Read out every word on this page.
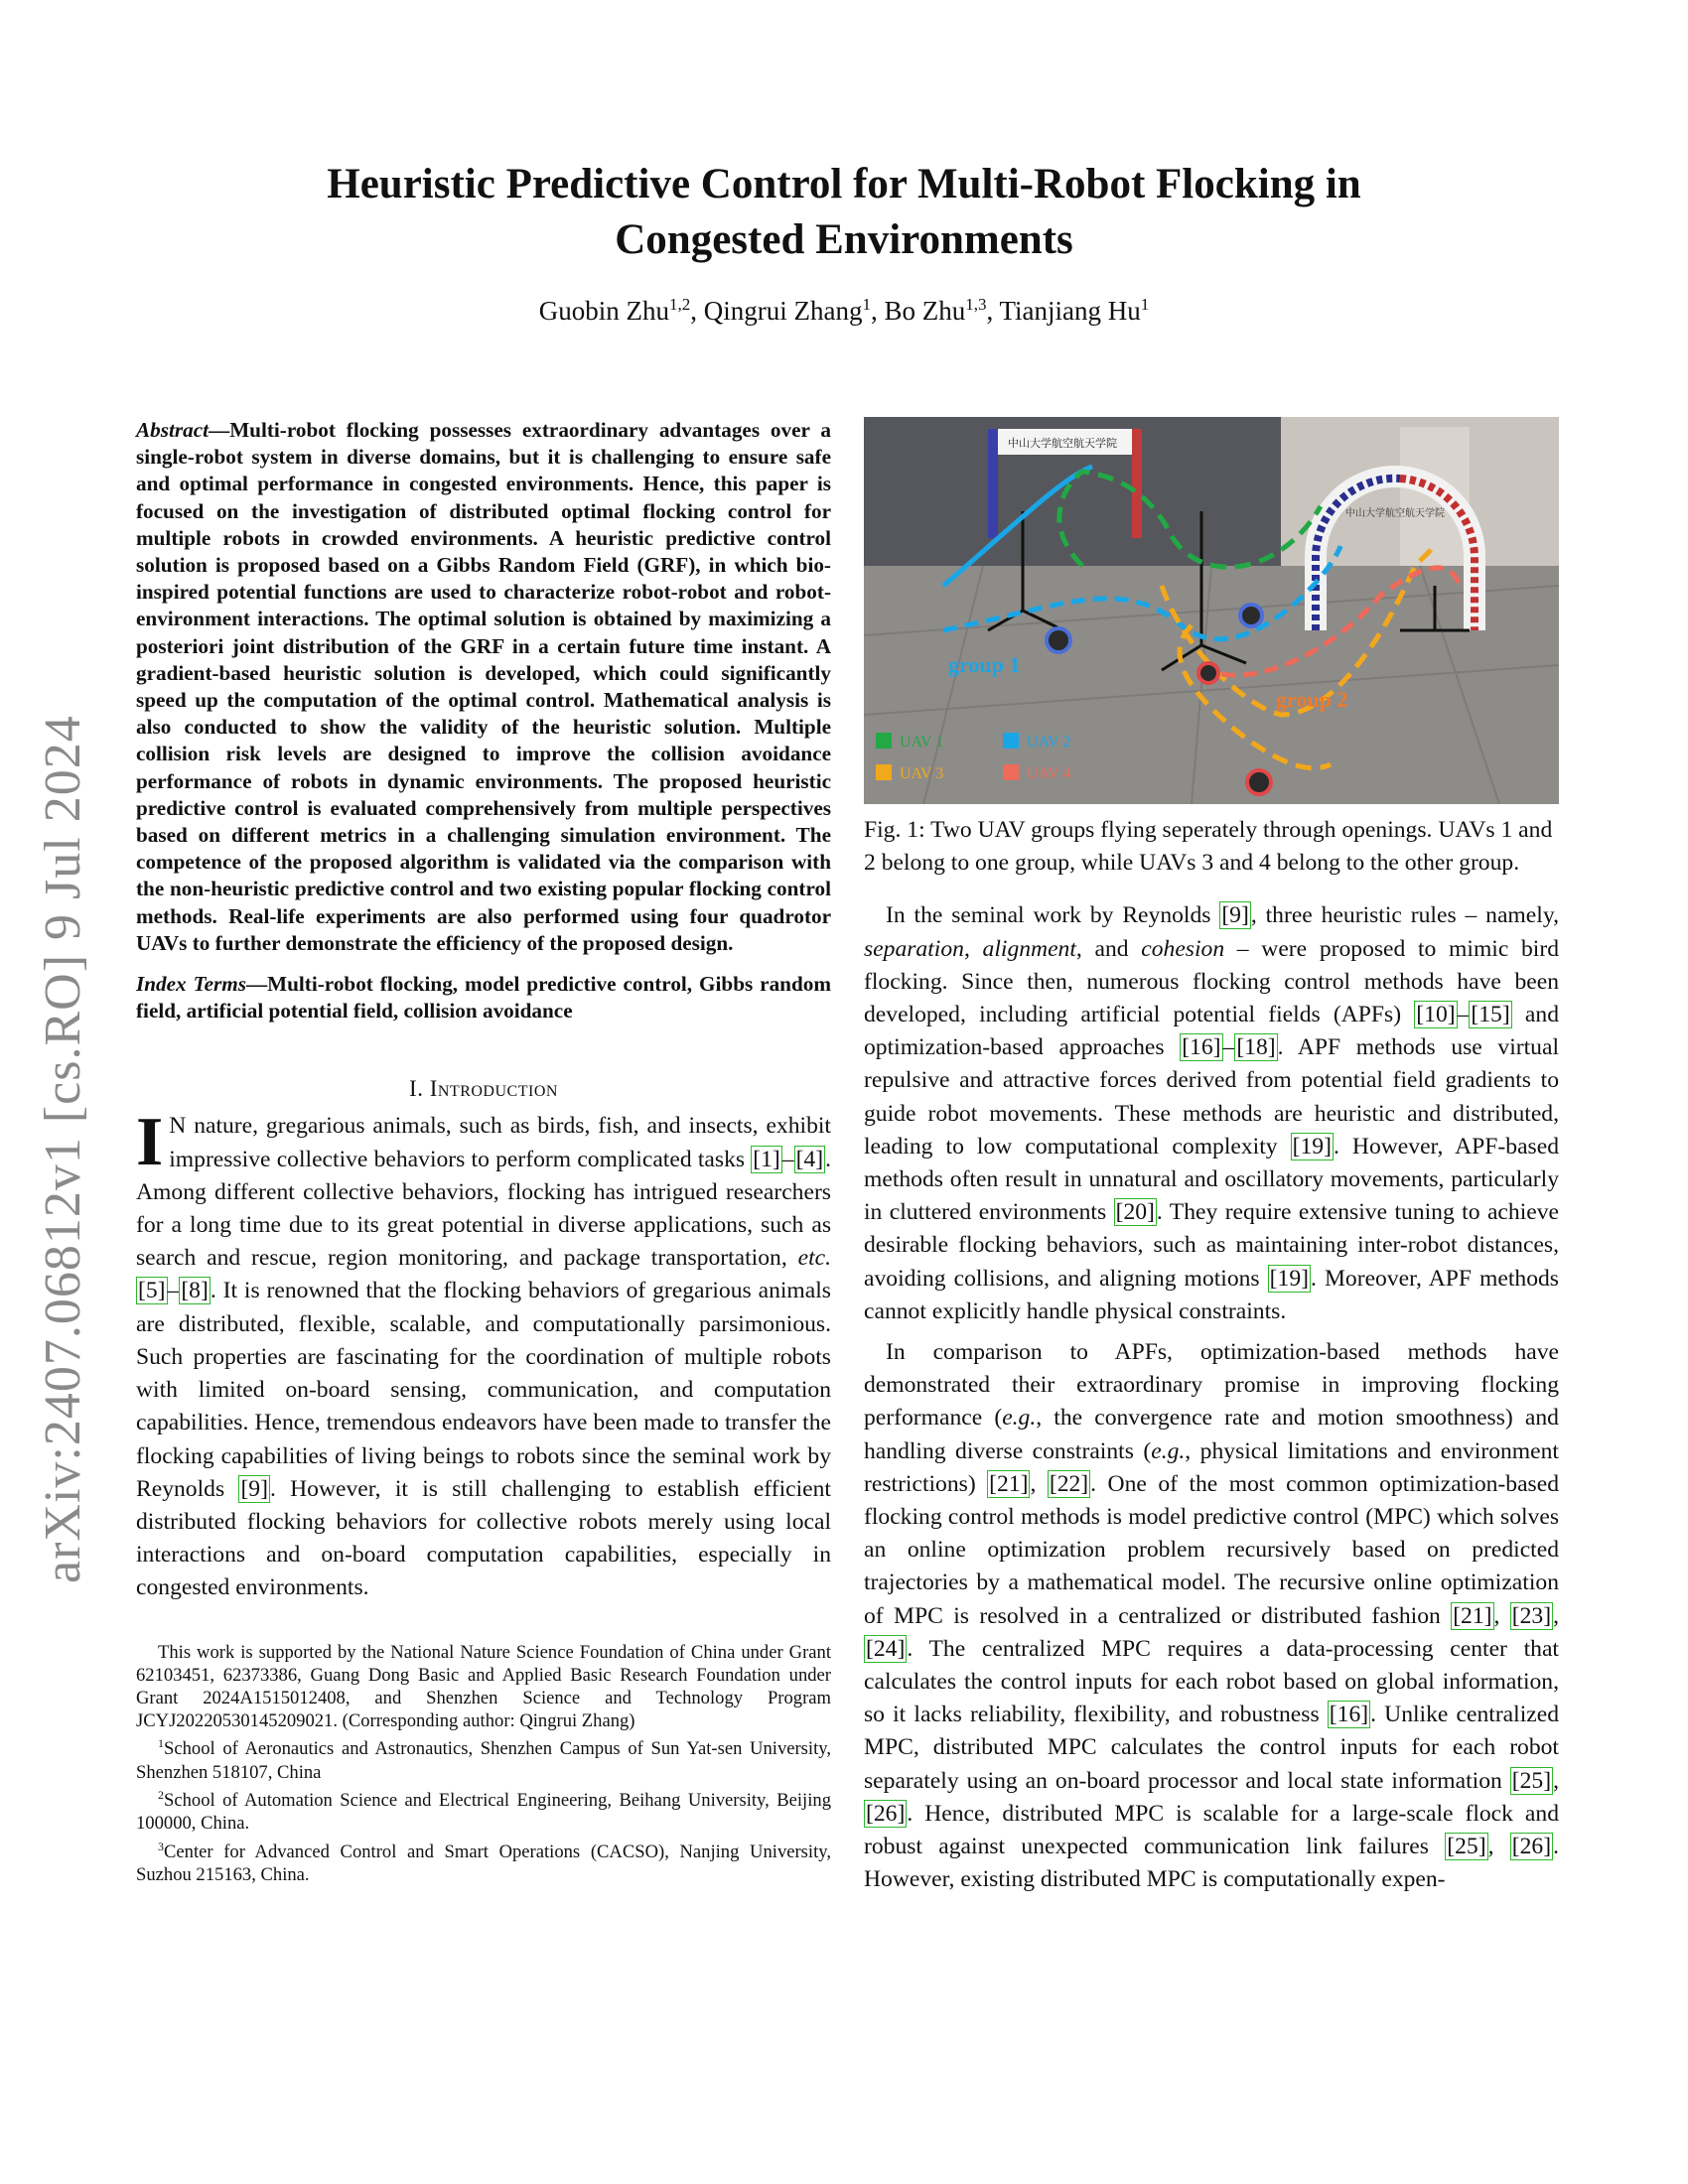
arXiv:2407.06812v1 [cs.RO] 9 Jul 2024
Heuristic Predictive Control for Multi-Robot Flocking in
Congested Environments
Guobin Zhu$^{1,2}$, Qingrui Zhang$^1$, Bo Zhu$^{1,3}$, Tianjiang Hu$^1$

Abstract—Multi-robot flocking possesses extraordinary advantages over a single-robot system in diverse domains, but it is challenging to ensure safe and optimal performance in congested environments. Hence, this paper is focused on the investigation of distributed optimal flocking control for multiple robots in crowded environments. A heuristic predictive control solution is proposed based on a Gibbs Random Field (GRF), in which bio-inspired potential functions are used to characterize robot-robot and robot-environment interactions. The optimal solution is obtained by maximizing a posteriori joint distribution of the GRF in a certain future time instant. A gradient-based heuristic solution is developed, which could significantly speed up the computation of the optimal control. Mathematical analysis is also conducted to show the validity of the heuristic solution. Multiple collision risk levels are designed to improve the collision avoidance performance of robots in dynamic environments. The proposed heuristic predictive control is evaluated comprehensively from multiple perspectives based on different metrics in a challenging simulation environment. The competence of the proposed algorithm is validated via the comparison with the non-heuristic predictive control and two existing popular flocking control methods. Real-life experiments are also performed using four quadrotor UAVs to further demonstrate the efficiency of the proposed design.

Index Terms—Multi-robot flocking, model predictive control, Gibbs random field, artificial potential field, collision avoidance

I. Introduction

I N nature, gregarious animals, such as birds, fish, and insects, exhibit impressive collective behaviors to perform complicated tasks [1]–[4]. Among different collective behaviors, flocking has intrigued researchers for a long time due to its great potential in diverse applications, such as search and rescue, region monitoring, and package transportation, etc. [5]–[8]. It is renowned that the flocking behaviors of gregarious animals are distributed, flexible, scalable, and computationally parsimonious. Such properties are fascinating for the coordination of multiple robots with limited on-board sensing, communication, and computation capabilities. Hence, tremendous endeavors have been made to transfer the flocking capabilities of living beings to robots since the seminal work by Reynolds [9]. However, it is still challenging to establish efficient distributed flocking behaviors for collective robots merely using local interactions and on-board computation capabilities, especially in congested environments.

This work is supported by the National Nature Science Foundation of China under Grant 62103451, 62373386, Guang Dong Basic and Applied Basic Research Foundation under Grant 2024A1515012408, and Shenzhen Science and Technology Program JCYJ20220530145209021. (Corresponding author: Qingrui Zhang)

$^1$School of Aeronautics and Astronautics, Shenzhen Campus of Sun Yat-sen University, Shenzhen 518107, China

$^2$School of Automation Science and Electrical Engineering, Beihang University, Beijing 100000, China.

$^3$Center for Advanced Control and Smart Operations (CACSO), Nanjing University, Suzhou 215163, China.

中山大学航空航天学院
中山大学航空航天学院
group 1
group 2
UAV 1	UAV 2
UAV 3	UAV 4

Fig. 1: Two UAV groups flying seperately through openings. UAVs 1 and 2 belong to one group, while UAVs 3 and 4 belong to the other group.

In the seminal work by Reynolds [9], three heuristic rules – namely, separation, alignment, and cohesion – were proposed to mimic bird flocking. Since then, numerous flocking control methods have been developed, including artificial potential fields (APFs) [10]–[15] and optimization-based approaches [16]–[18]. APF methods use virtual repulsive and attractive forces derived from potential field gradients to guide robot movements. These methods are heuristic and distributed, leading to low computational complexity [19]. However, APF-based methods often result in unnatural and oscillatory movements, particularly in cluttered environments [20]. They require extensive tuning to achieve desirable flocking behaviors, such as maintaining inter-robot distances, avoiding collisions, and aligning motions [19]. Moreover, APF methods cannot explicitly handle physical constraints.

In comparison to APFs, optimization-based methods have demonstrated their extraordinary promise in improving flocking performance (e.g., the convergence rate and motion smoothness) and handling diverse constraints (e.g., physical limitations and environment restrictions) [21], [22]. One of the most common optimization-based flocking control methods is model predictive control (MPC) which solves an online optimization problem recursively based on predicted trajectories by a mathematical model. The recursive online optimization of MPC is resolved in a centralized or distributed fashion [21], [23], [24]. The centralized MPC requires a data-processing center that calculates the control inputs for each robot based on global information, so it lacks reliability, flexibility, and robustness [16]. Unlike centralized MPC, distributed MPC calculates the control inputs for each robot separately using an on-board processor and local state information [25], [26]. Hence, distributed MPC is scalable for a large-scale flock and robust against unexpected communication link failures [25], [26]. However, existing distributed MPC is computationally expen-
